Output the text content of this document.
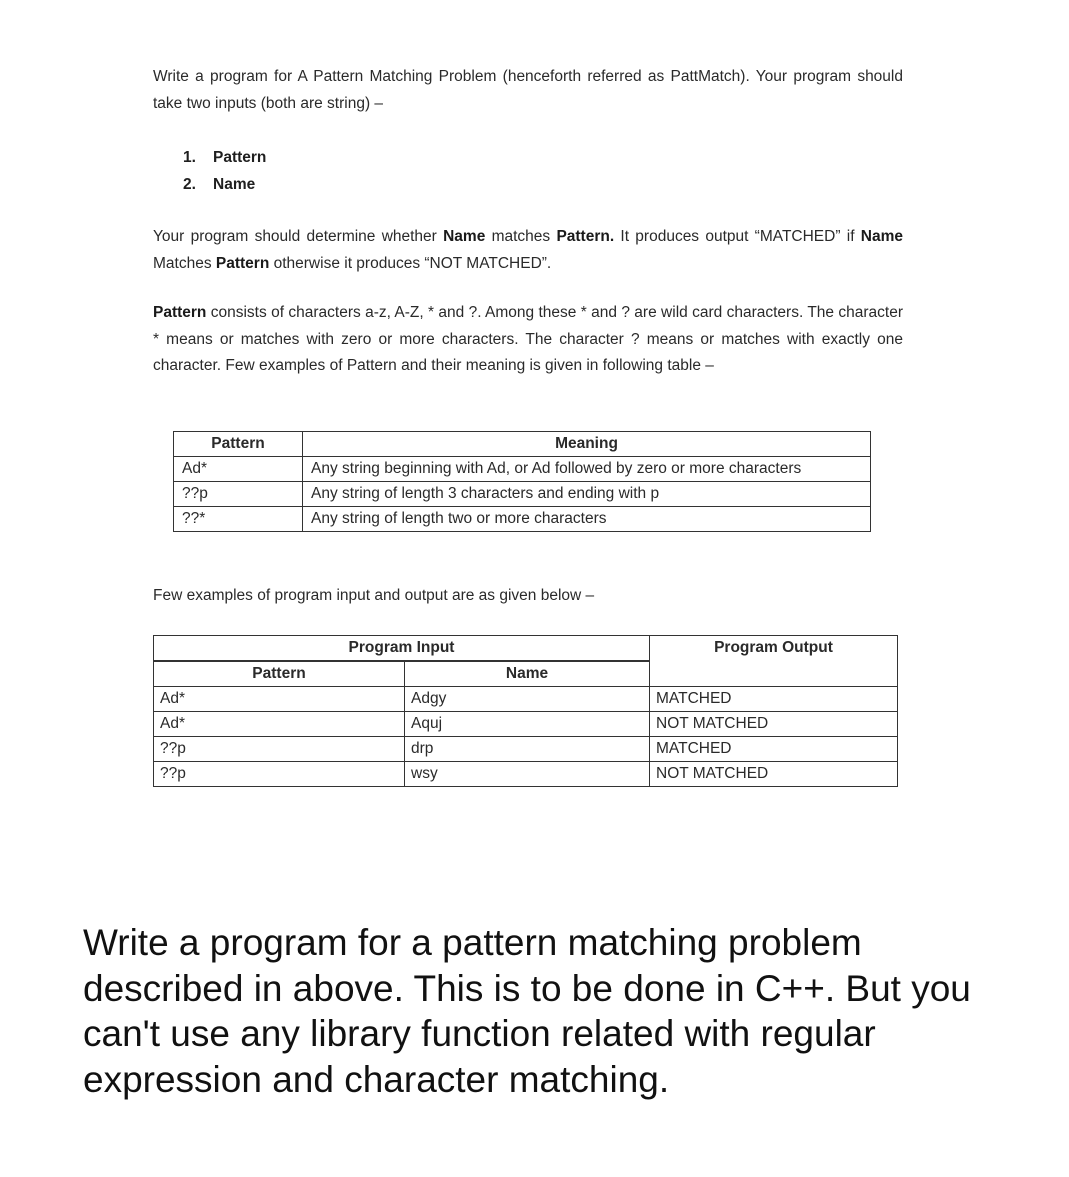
Write a program for A Pattern Matching Problem (henceforth referred as PattMatch). Your program should take two inputs (both are string) –
1. Pattern
2. Name
Your program should determine whether Name matches Pattern. It produces output “MATCHED” if Name Matches Pattern otherwise it produces “NOT MATCHED”.
Pattern consists of characters a-z, A-Z, * and ?. Among these * and ? are wild card characters. The character * means or matches with zero or more characters. The character ? means or matches with exactly one character. Few examples of Pattern and their meaning is given in following table –
Pattern	Meaning
Ad*	Any string beginning with Ad, or Ad followed by zero or more characters
??p	Any string of length 3 characters and ending with p
??*	Any string of length two or more characters
Few examples of program input and output are as given below –
Program Input		Program Output
Pattern	Name	
Ad*	Adgy	MATCHED
Ad*	Aquj	NOT MATCHED
??p	drp	MATCHED
??p	wsy	NOT MATCHED
Write a program for a pattern matching problem described in above. This is to be done in C++. But you can't use any library function related with regular expression and character matching.
